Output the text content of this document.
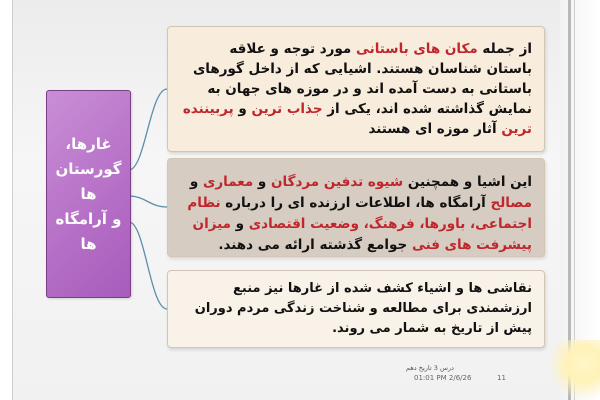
غارها،
گورستان ها
و آرامگاه ها
از جمله مکان های باستانی مورد توجه و علاقه باستان شناسان هستند. اشیایی که از داخل گورهای باستانی به دست آمده اند و در موزه های جهان به نمایش گذاشته شده اند، یکی از جذاب ترین و پربیننده ترین آثار موزه ای هستند
این اشیا و همچنین شیوه تدفین مردگان و معماری و مصالح آرامگاه ها، اطلاعات ارزنده ای را درباره نظام اجتماعی، باورها، فرهنگ، وضعیت اقتصادی و میزان پیشرفت های فنی جوامع گذشته ارائه می دهند.
نقاشی ها و اشیاء کشف شده از غارها نیز منبع ارزشمندی برای مطالعه و شناخت زندگی مردم دوران پیش از تاریخ به شمار می روند.
درس 3 تاریخ دهم
01:01 PM 2/6/26	11
